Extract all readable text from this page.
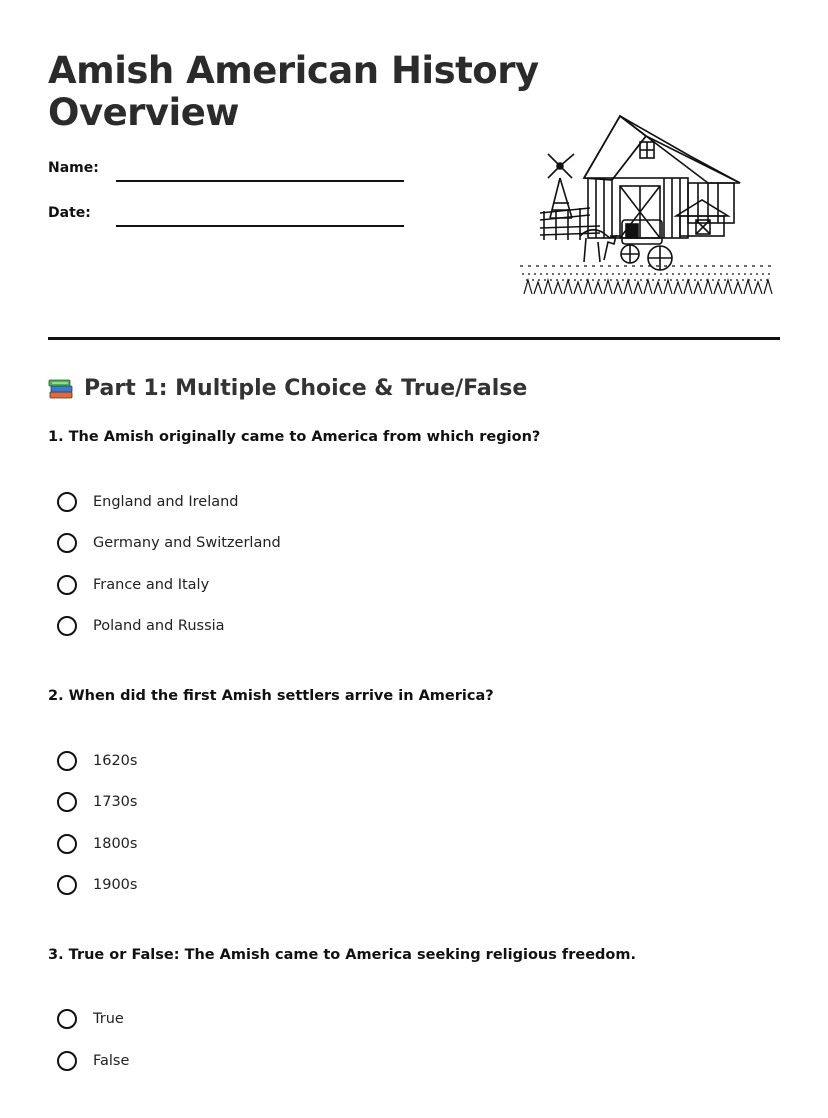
Amish American History
Overview
Name:
Date:
Part 1: Multiple Choice & True/False
1. The Amish originally came to America from which region?
England and Ireland
Germany and Switzerland
France and Italy
Poland and Russia
2. When did the first Amish settlers arrive in America?
1620s
1730s
1800s
1900s
3. True or False: The Amish came to America seeking religious freedom.
True
False
